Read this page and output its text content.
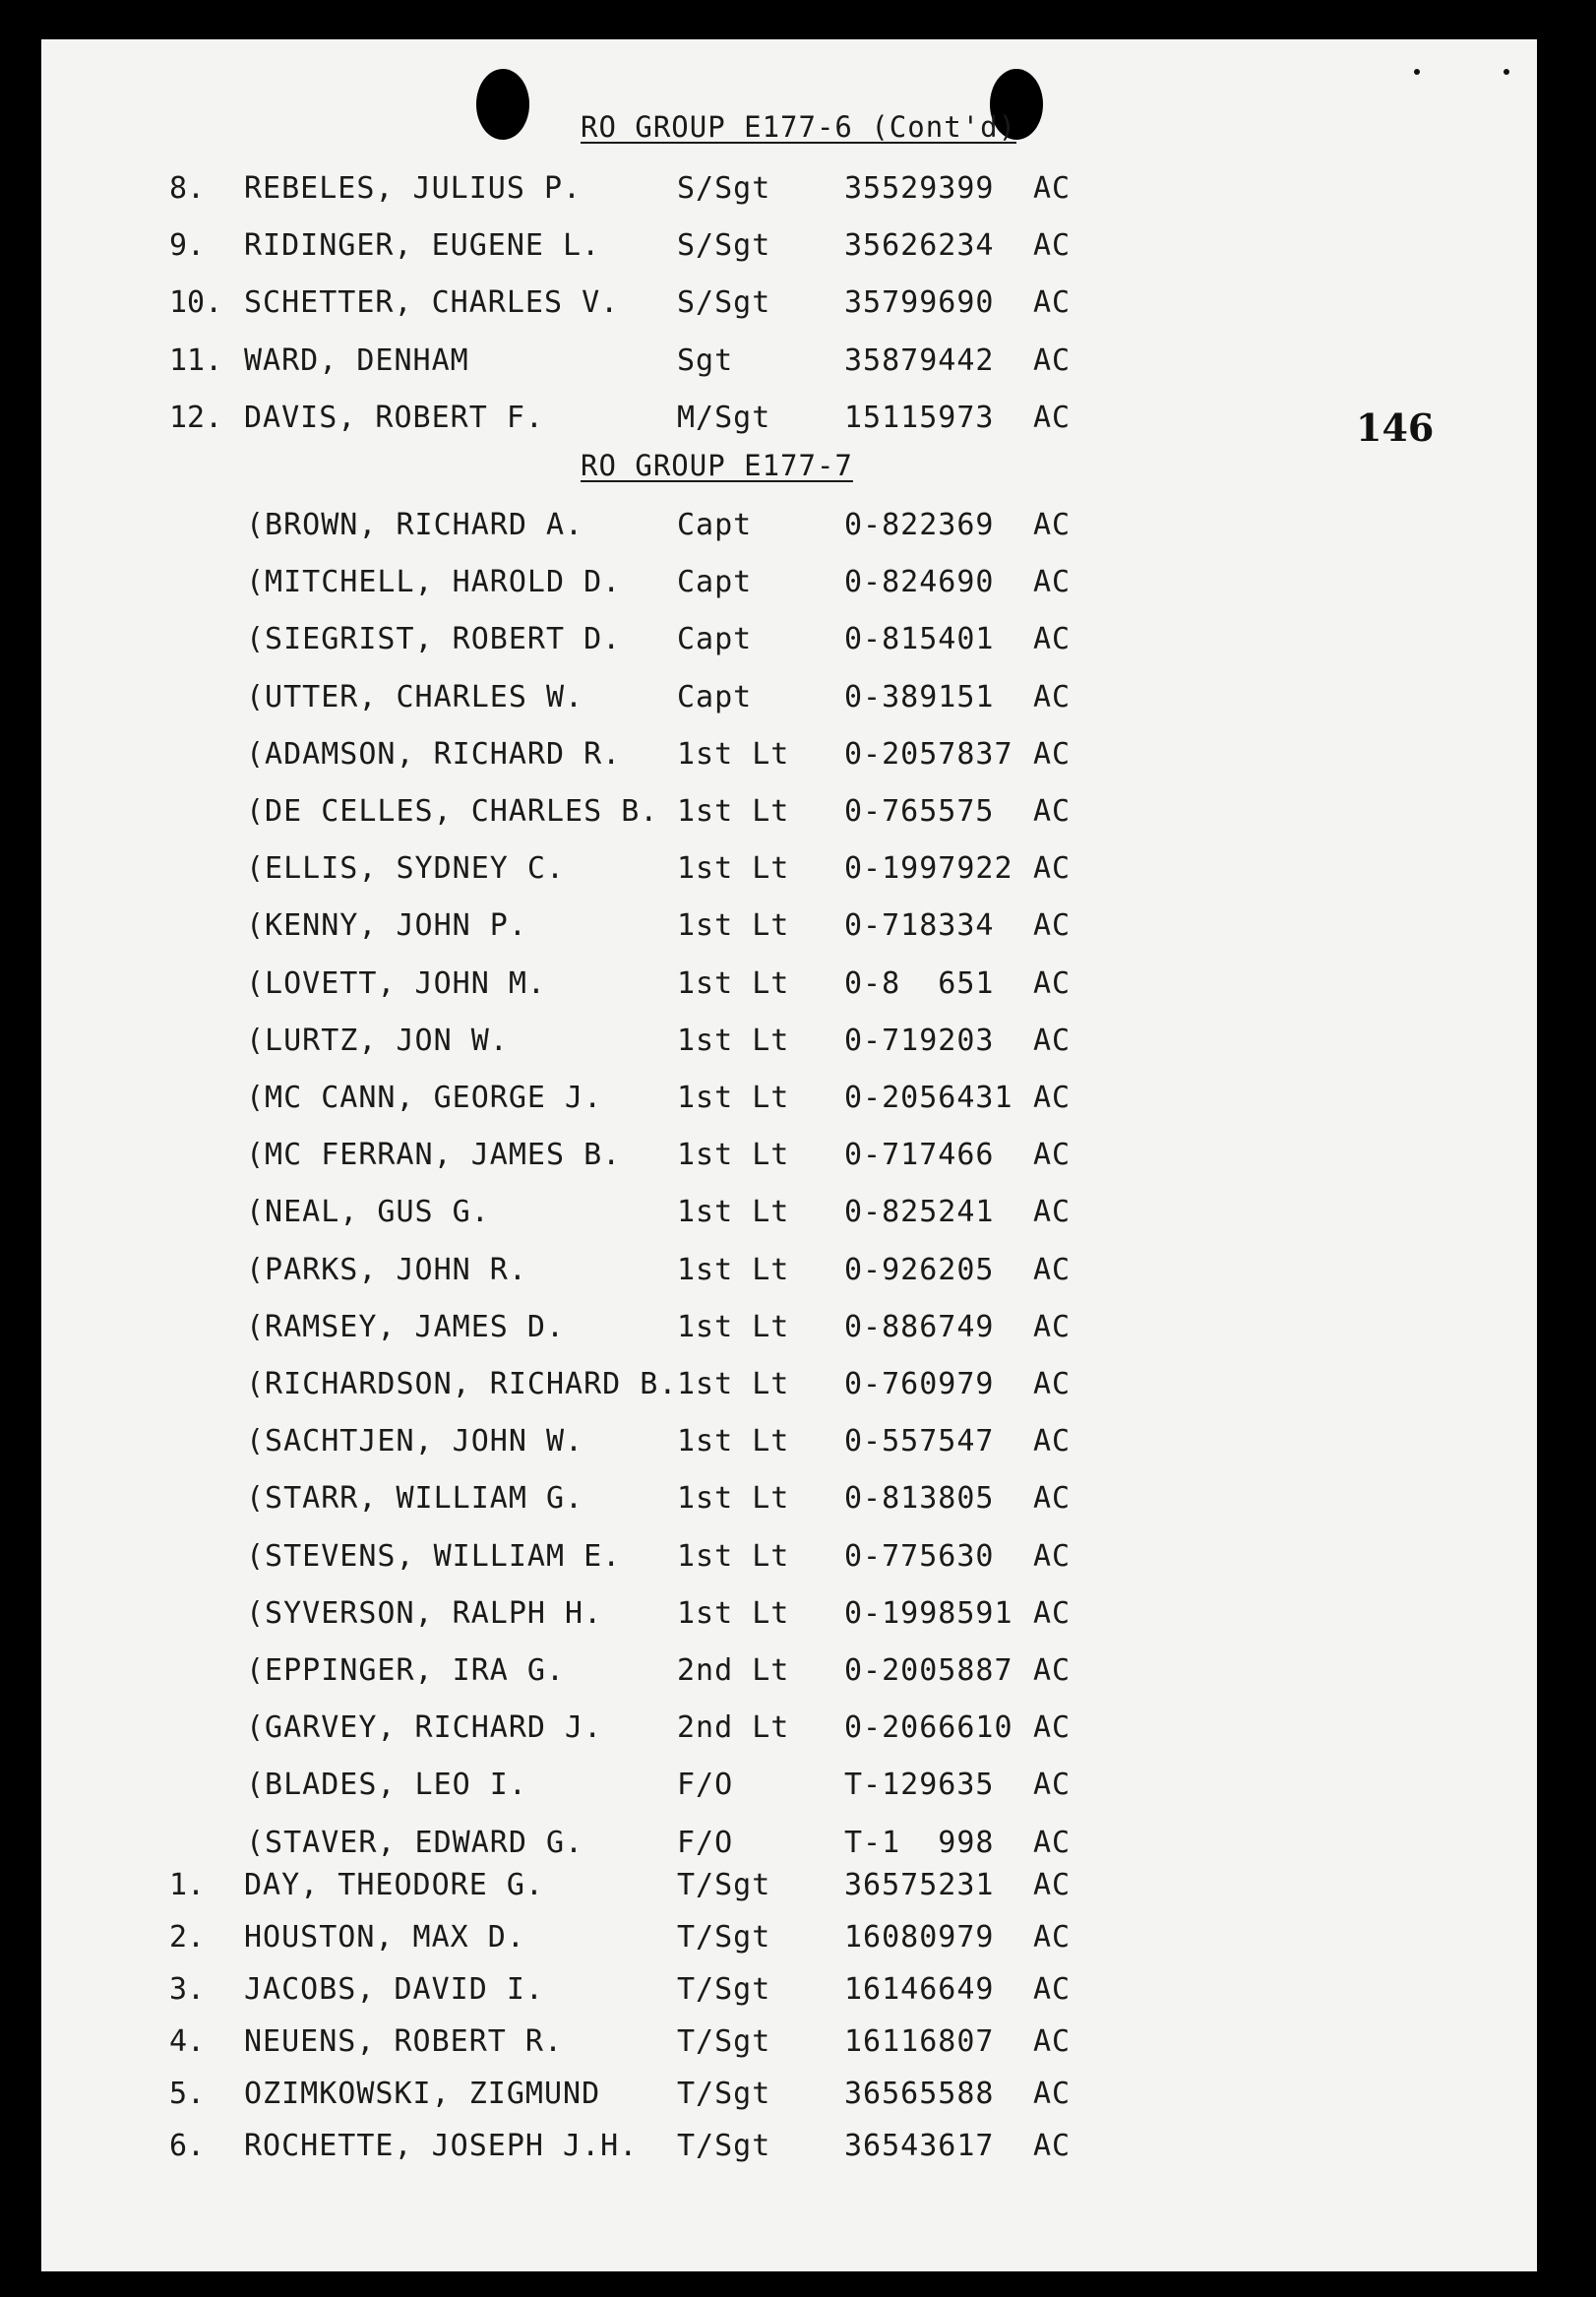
RO GROUP E177-6 (Cont'd)
146
RO GROUP E177-7
8. REBELES, JULIUS P.	S/Sgt 35529399 AC
9. RIDINGER, EUGENE L.	S/Sgt 35626234 AC
10. SCHETTER, CHARLES V. S/Sgt 35799690 AC
11. WARD, DENHAM	Sgt	35879442 AC
12. DAVIS, ROBERT F.	M/Sgt 15115973 AC
(BROWN, RICHARD A.	Capt	0-822369 AC
(MITCHELL, HAROLD D. Capt	0-824690 AC
(SIEGRIST, ROBERT D. Capt	0-815401 AC
(UTTER, CHARLES W.	Capt	0-389151 AC
(ADAMSON, RICHARD R. 1st Lt 0-2057837 AC
(DE CELLES, CHARLES B. 1st Lt 0-765575 AC
(ELLIS, SYDNEY C.	1st Lt 0-1997922 AC
(KENNY, JOHN P.	1st Lt 0-718334 AC
(LOVETT, JOHN M.	1st Lt 0-8  651 AC
(LURTZ, JON W.	1st Lt 0-719203 AC
(MC CANN, GEORGE J.	1st Lt 0-2056431 AC
(MC FERRAN, JAMES B. 1st Lt 0-717466 AC
(NEAL, GUS G.	1st Lt 0-825241 AC
(PARKS, JOHN R.	1st Lt 0-926205 AC
(RAMSEY, JAMES D.	1st Lt 0-886749 AC
(RICHARDSON, RICHARD B. 1st Lt 0-760979 AC
(SACHTJEN, JOHN W.	1st Lt 0-557547 AC
(STARR, WILLIAM G.	1st Lt 0-813805 AC
(STEVENS, WILLIAM E. 1st Lt 0-775630 AC
(SYVERSON, RALPH H.	1st Lt 0-1998591 AC
(EPPINGER, IRA G.	2nd Lt 0-2005887 AC
(GARVEY, RICHARD J.	2nd Lt 0-2066610 AC
(BLADES, LEO I.	F/O	T-129635 AC
(STAVER, EDWARD G.	F/O	T-1  998 AC
1. DAY, THEODORE G.	T/Sgt 36575231 AC
2. HOUSTON, MAX D.	T/Sgt 16080979 AC
3. JACOBS, DAVID I.	T/Sgt 16146649 AC
4. NEUENS, ROBERT R.	T/Sgt 16116807 AC
5. OZIMKOWSKI, ZIGMUND	T/Sgt 36565588 AC
6. ROCHETTE, JOSEPH J.H. T/Sgt 36543617 AC
